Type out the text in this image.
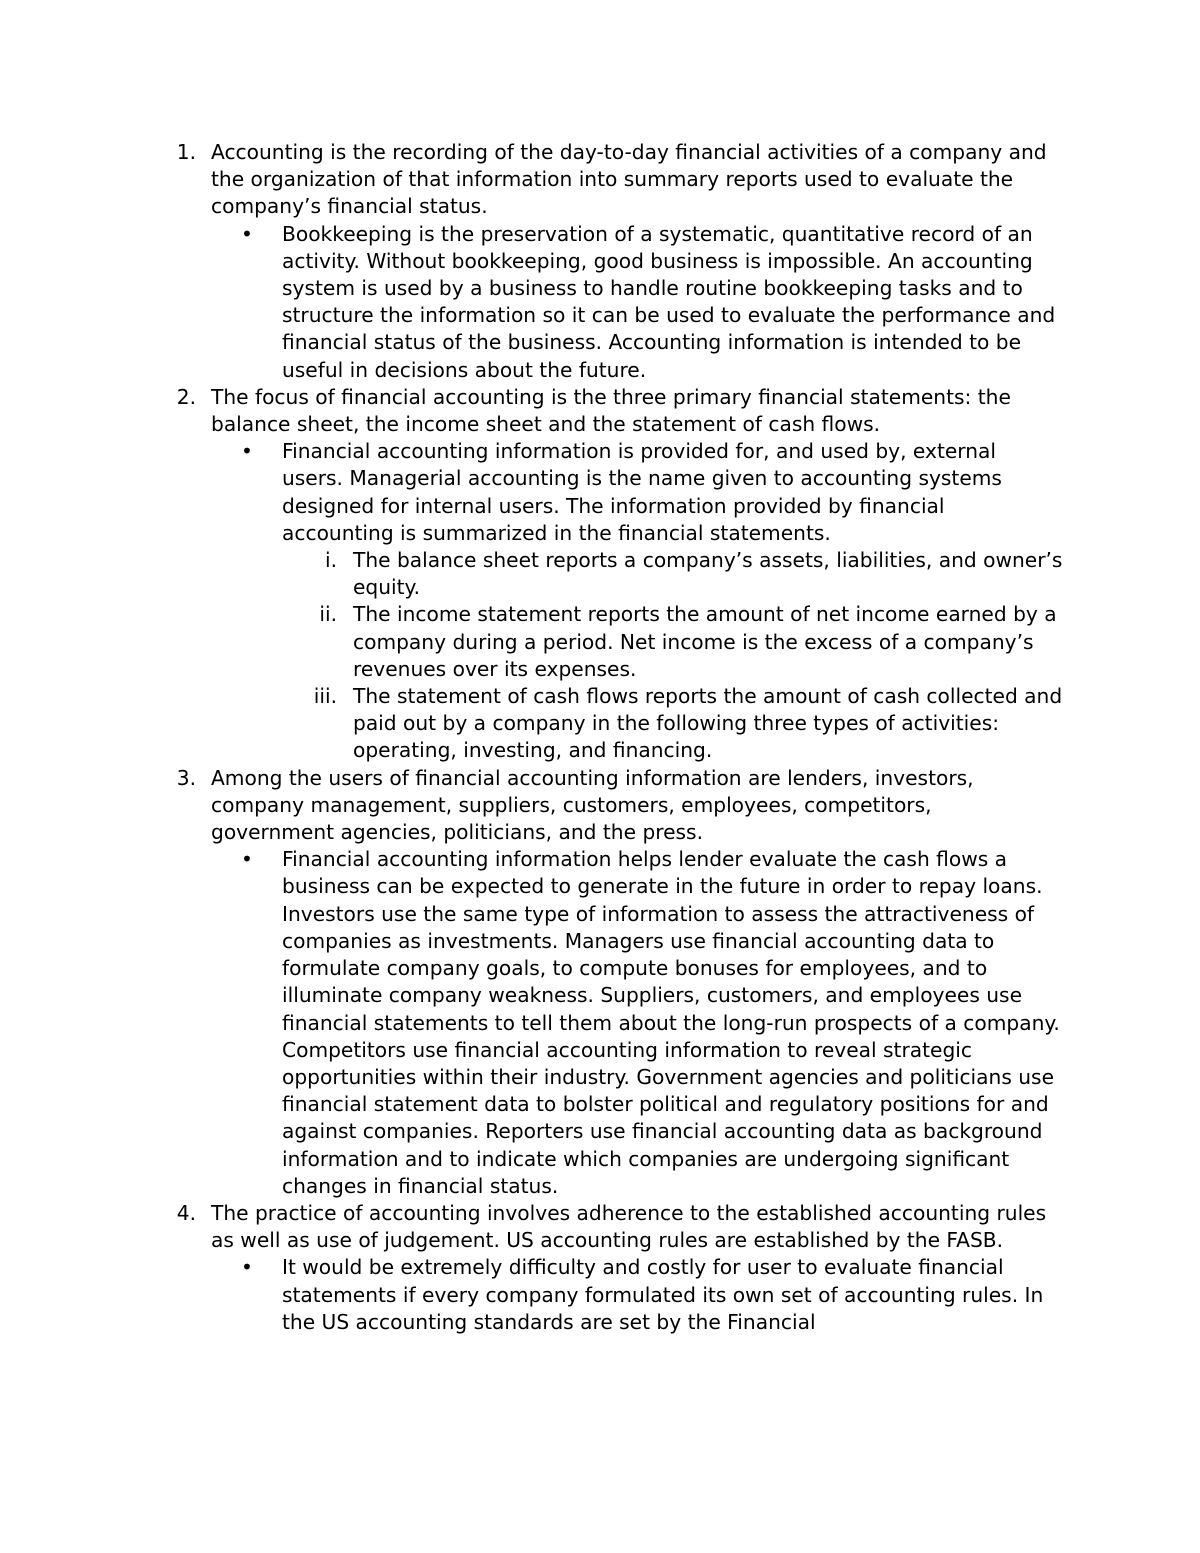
1. Accounting is the recording of the day-to-day financial activities of a company and the organization of that information into summary reports used to evaluate the company’s financial status.
•	Bookkeeping is the preservation of a systematic, quantitative record of an activity. Without bookkeeping, good business is impossible. An accounting system is used by a business to handle routine bookkeeping tasks and to structure the information so it can be used to evaluate the performance and financial status of the business. Accounting information is intended to be useful in decisions about the future.
2. The focus of financial accounting is the three primary financial statements: the balance sheet, the income sheet and the statement of cash flows.
•	Financial accounting information is provided for, and used by, external users. Managerial accounting is the name given to accounting systems designed for internal users. The information provided by financial accounting is summarized in the financial statements.
i. The balance sheet reports a company’s assets, liabilities, and owner’s equity.
ii. The income statement reports the amount of net income earned by a company during a period. Net income is the excess of a company’s revenues over its expenses.
iii. The statement of cash flows reports the amount of cash collected and paid out by a company in the following three types of activities: operating, investing, and financing.
3. Among the users of financial accounting information are lenders, investors, company management, suppliers, customers, employees, competitors, government agencies, politicians, and the press.
•	Financial accounting information helps lender evaluate the cash flows a business can be expected to generate in the future in order to repay loans. Investors use the same type of information to assess the attractiveness of companies as investments. Managers use financial accounting data to formulate company goals, to compute bonuses for employees, and to illuminate company weakness. Suppliers, customers, and employees use financial statements to tell them about the long-run prospects of a company. Competitors use financial accounting information to reveal strategic opportunities within their industry. Government agencies and politicians use financial statement data to bolster political and regulatory positions for and against companies. Reporters use financial accounting data as background information and to indicate which companies are undergoing significant changes in financial status.
4. The practice of accounting involves adherence to the established accounting rules as well as use of judgement. US accounting rules are established by the FASB.
•	It would be extremely difficulty and costly for user to evaluate financial statements if every company formulated its own set of accounting rules. In the US accounting standards are set by the Financial
